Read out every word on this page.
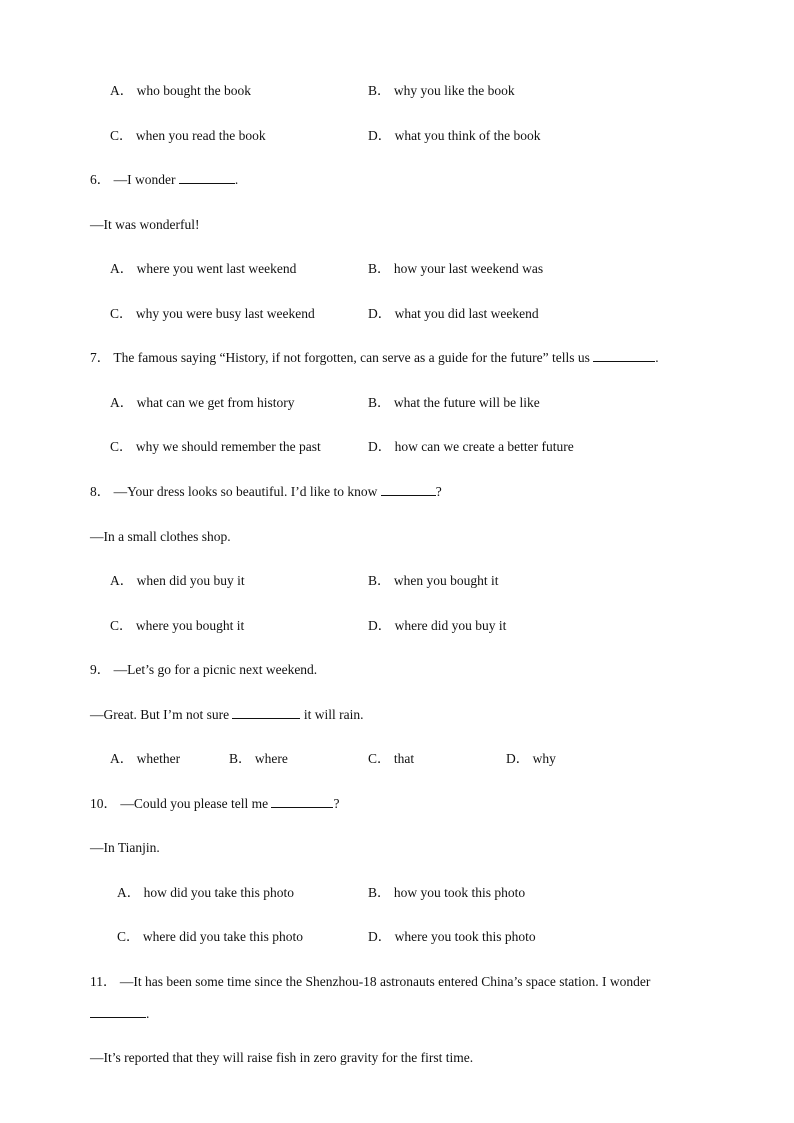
A． who bought the book	B． why you like the book
C． when you read the book	D． what you think of the book
6． —I wonder	.
—It was wonderful!
A． where you went last weekend	B． how your last weekend was
C． why you were busy last weekend	D． what you did last weekend
7． The famous saying “History, if not forgotten, can serve as a guide for the future” tells us	.
A． what can we get from history	B． what the future will be like
C． why we should remember the past	D． how can we create a better future
8． —Your dress looks so beautiful. I’d like to know	?
—In a small clothes shop.
A． when did you buy it	B． when you bought it
C． where you bought it	D． where did you buy it
9． —Let’s go for a picnic next weekend.
—Great. But I’m not sure	it will rain.
A． whether	B． where	C． that	D． why
10． —Could you please tell me	?
—In Tianjin.
A． how did you take this photo	B． how you took this photo
C． where did you take this photo	D． where you took this photo
11． —It has been some time since the Shenzhou-18 astronauts entered China’s space station. I wonder
.
—It’s reported that they will raise fish in zero gravity for the first time.
